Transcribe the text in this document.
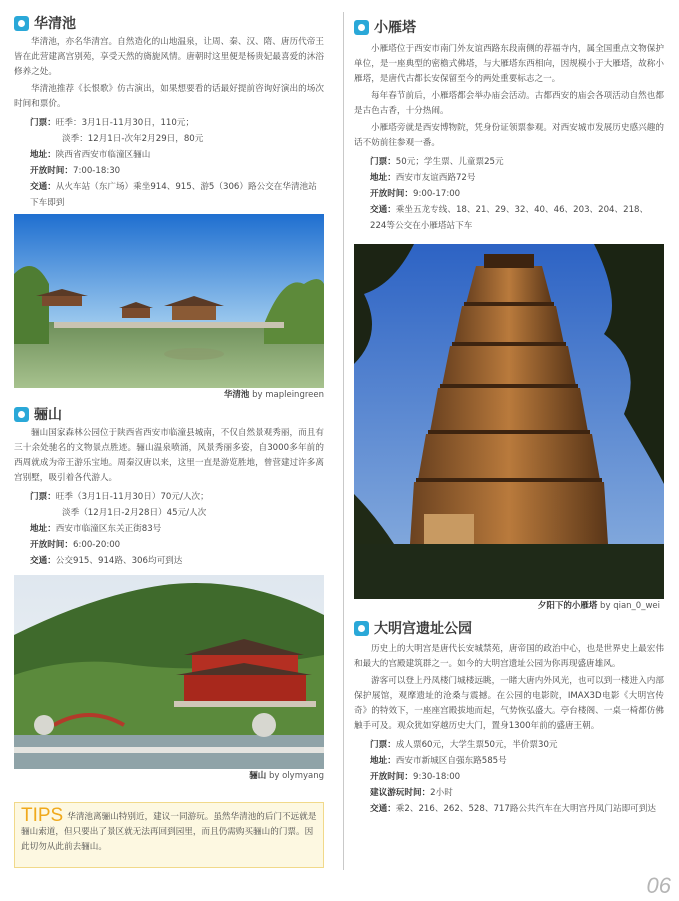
华清池

华清池，亦名华清宫。自然造化的山地温泉，让周、秦、汉、隋、唐历代帝王皆在此营建离宫别苑，享受天然的旖旎风情。唐朝时这里便是杨贵妃最喜爱的沐浴修养之处。

华清池推荐《长恨歌》仿古演出，如果想要看的话最好提前咨询好演出的场次时间和票价。

门票：旺季：3月1日-11月30日，110元；
淡季：12月1日-次年2月29日，80元
地址：陕西省西安市临潼区骊山
开放时间：7:00-18:30
交通：从火车站（东广场）乘坐914、915、游5（306）路公交在华清池站下车即到
华清池 by mapleingreen
骊山

骊山国家森林公园位于陕西省西安市临潼县城南，不仅自然景观秀丽，而且有三十余处驰名的文物景点胜迹。骊山温泉喷涌，风景秀丽多姿，自3000多年前的西周就成为帝王游乐宝地。周秦汉唐以来，这里一直是游览胜地，曾营建过许多离宫别墅，吸引着各代游人。

门票：旺季（3月1日-11月30日）70元/人次；
淡季（12月1日-2月28日）45元/人次
地址：西安市临潼区东关正街83号
开放时间：6:00-20:00
交通：公交915、914路、306均可到达
骊山 by olymyang
TIPS 华清池离骊山特别近，建议一同游玩。虽然华清池的后门不远就是骊山索道，但只要出了景区就无法再回到园里，而且仍需购买骊山的门票。因此切勿从此前去骊山。
小雁塔

小雁塔位于西安市南门外友谊西路东段南侧的荐福寺内，属全国重点文物保护单位，是一座典型的密檐式佛塔，与大雁塔东西相向，因规模小于大雁塔，故称小雁塔，是唐代古都长安保留至今的两处重要标志之一。

每年春节前后，小雁塔都会举办庙会活动。古都西安的庙会各项活动自然也都是古色古香，十分热闹。

小雁塔旁就是西安博物院，凭身份证领票参观。对西安城市发展历史感兴趣的话不妨前往参观一番。

门票：50元；学生票、儿童票25元
地址：西安市友谊西路72号
开放时间：9:00-17:00
交通：乘坐五龙专线、18、21、29、32、40、46、203、204、218、224等公交在小雁塔站下车
夕阳下的小雁塔 by qian_0_wei
大明宫遗址公园

历史上的大明宫是唐代长安城禁苑，唐帝国的政治中心，也是世界史上最宏伟和最大的宫殿建筑群之一。如今的大明宫遗址公园为你再现盛唐雄风。

游客可以登上丹凤楼门城楼远眺，一睹大唐内外风光，也可以到一楼进入内部保护展馆，观摩遗址的沧桑与震撼。在公园的电影院，IMAX3D电影《大明宫传奇》的特效下，一座座宫殿拔地而起，气势恢弘盛大。亭台楼阁、一桌一椅都仿佛触手可及。观众犹如穿越历史大门，置身1300年前的盛唐王朝。

门票：成人票60元，大学生票50元，半价票30元
地址：西安市新城区自强东路585号
开放时间：9:30-18:00
建议游玩时间：2小时
交通：乘2、216、262、528、717路公共汽车在大明宫丹凤门站即可到达
06
